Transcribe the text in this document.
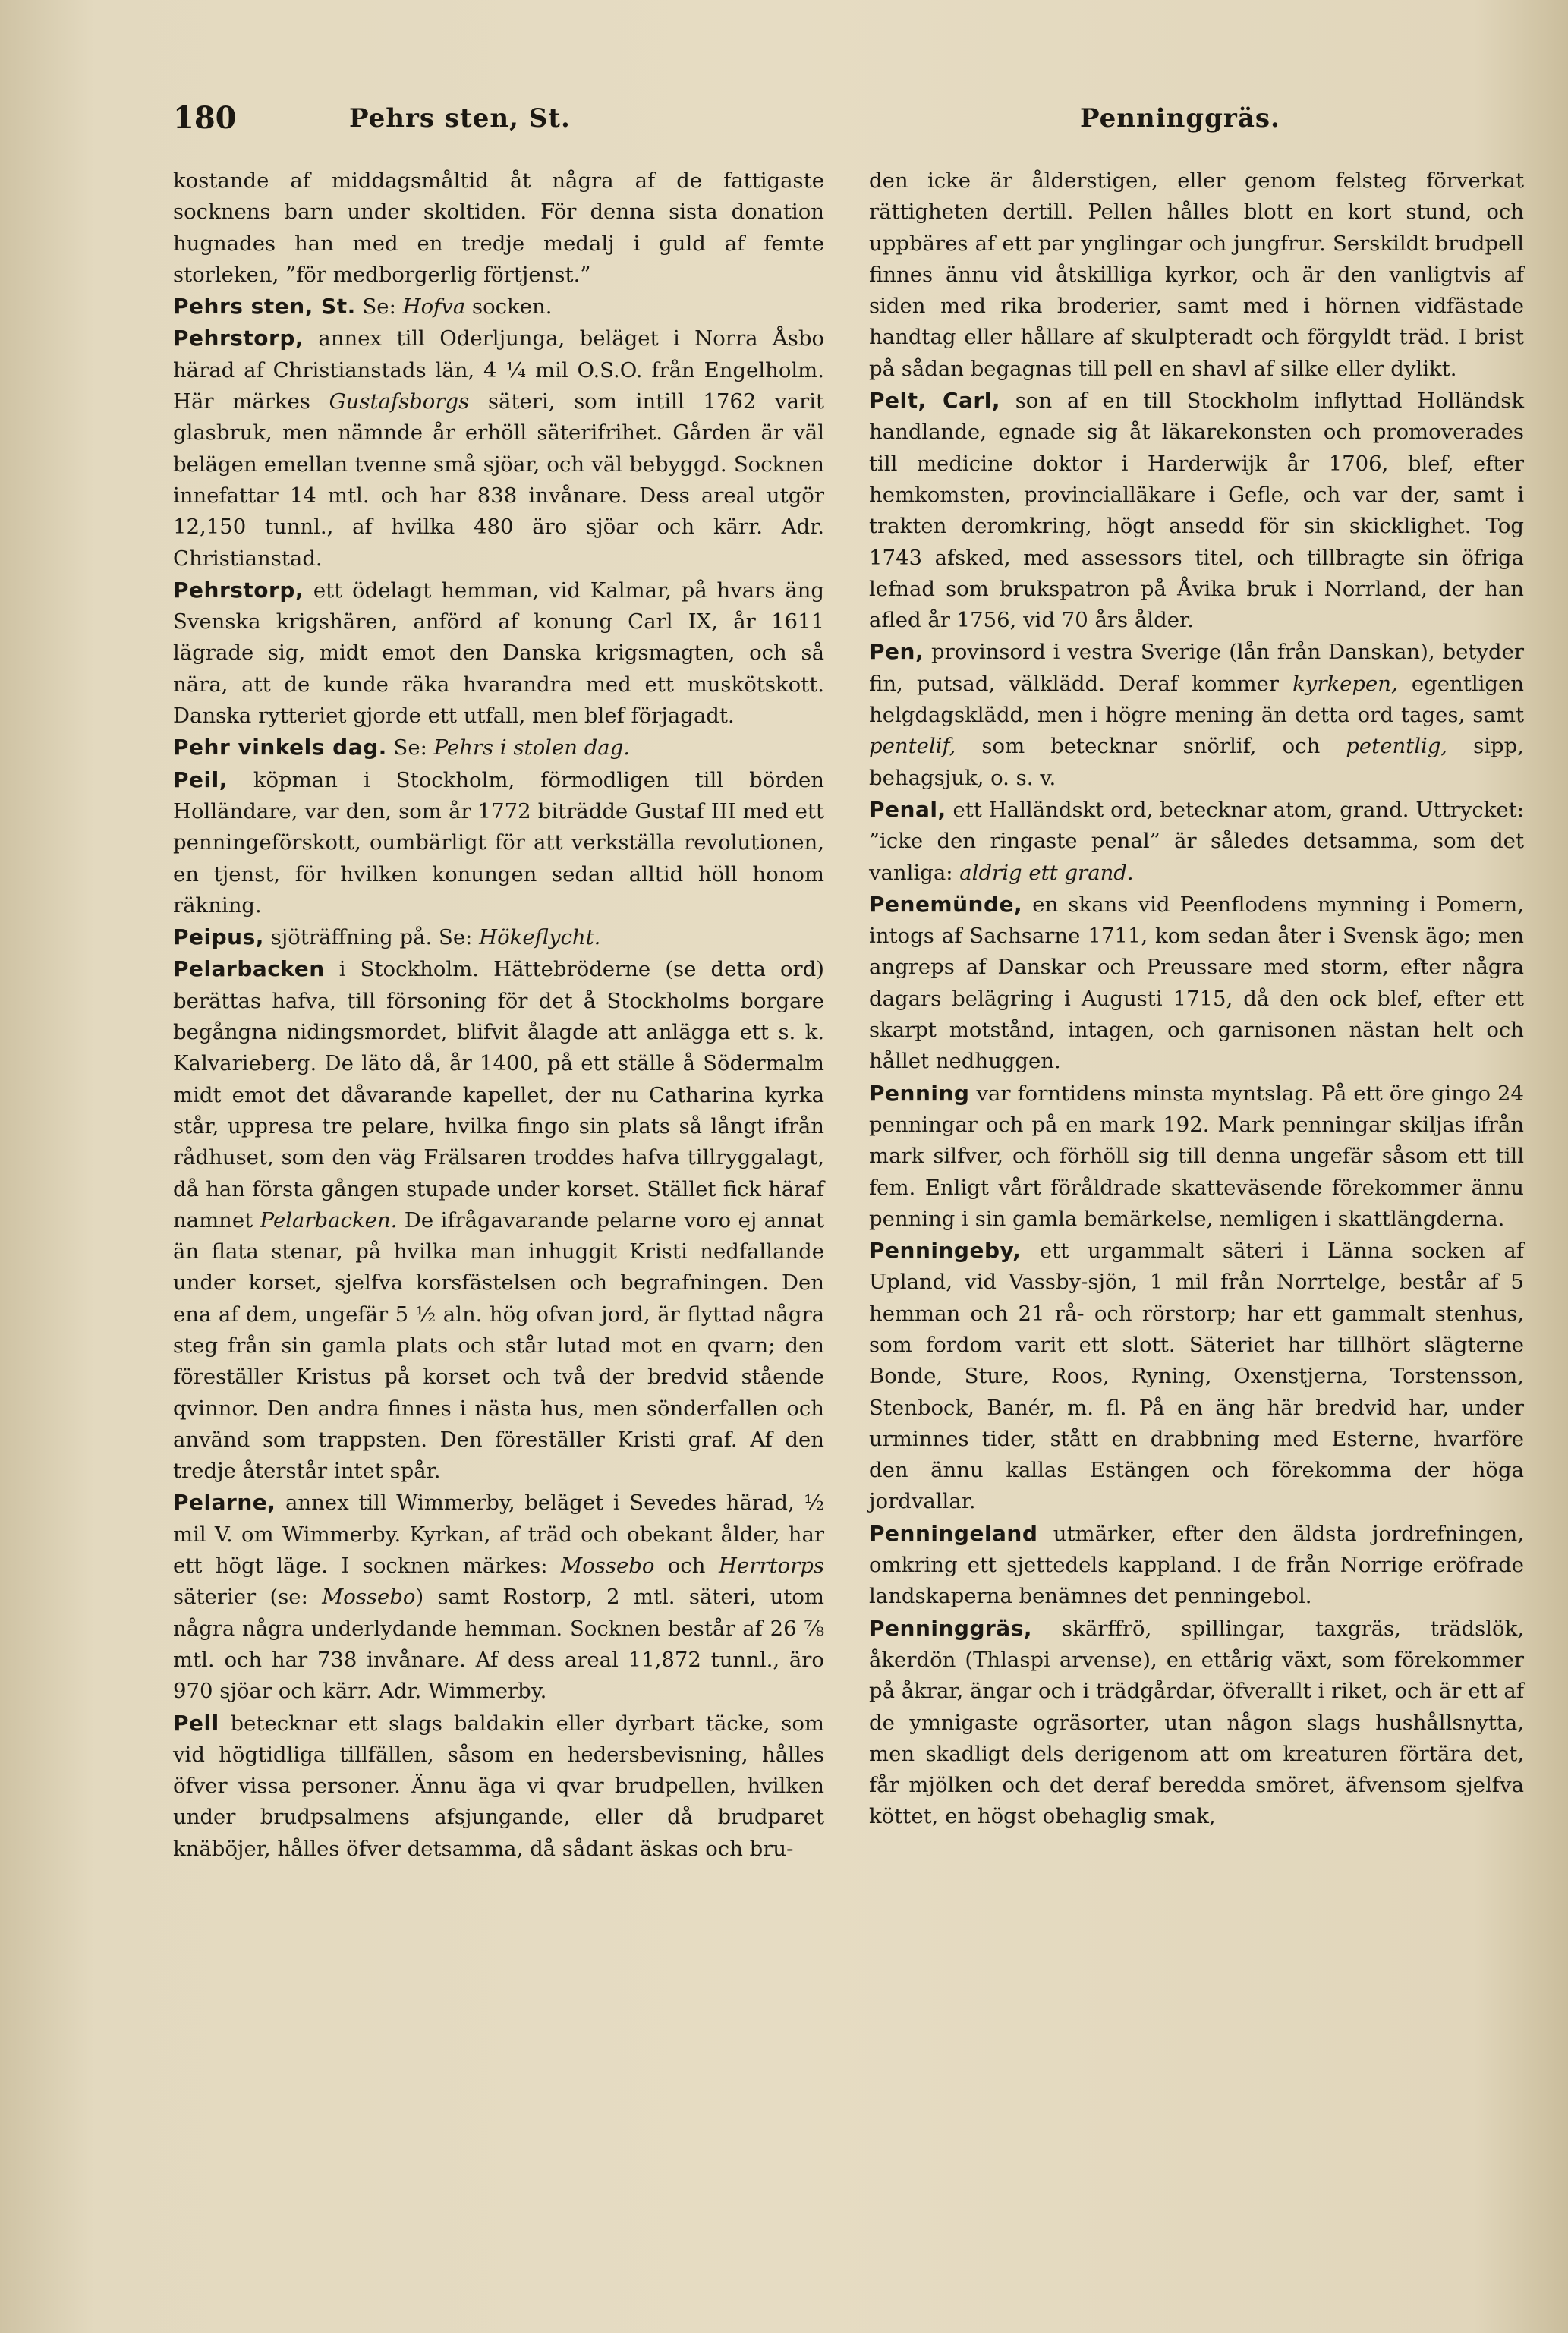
180	Pehrs sten, St.	Penninggräs.

kostande af middagsmåltid åt några af de fattigaste socknens barn under skoltiden. För denna sista donation hugnades han med en tredje medalj i guld af femte storleken, ”för medborgerlig förtjenst.”

Pehrs sten, St. Se: Hofva socken.

Pehrstorp, annex till Oderljunga, beläget i Norra Åsbo härad af Christianstads län, 4 ¼ mil O.S.O. från Engelholm. Här märkes Gustafsborgs säteri, som intill 1762 varit glasbruk, men nämnde år erhöll säterifrihet. Gården är väl belägen emellan tvenne små sjöar, och väl bebyggd. Socknen innefattar 14 mtl. och har 838 invånare. Dess areal utgör 12,150 tunnl., af hvilka 480 äro sjöar och kärr. Adr. Christianstad.

Pehrstorp, ett ödelagt hemman, vid Kalmar, på hvars äng Svenska krigshären, anförd af konung Carl IX, år 1611 lägrade sig, midt emot den Danska krigsmagten, och så nära, att de kunde räka hvarandra med ett muskötskott. Danska rytteriet gjorde ett utfall, men blef förjagadt.

Pehr vinkels dag. Se: Pehrs i stolen dag.

Peil, köpman i Stockholm, förmodligen till börden Holländare, var den, som år 1772 biträdde Gustaf III med ett penningeförskott, oumbärligt för att verkställa revolutionen, en tjenst, för hvilken konungen sedan alltid höll honom räkning.

Peipus, sjöträffning på. Se: Hökeflycht.

Pelarbacken i Stockholm. Hättebröderne (se detta ord) berättas hafva, till försoning för det å Stockholms borgare begångna nidingsmordet, blifvit ålagde att anlägga ett s. k. Kalvarieberg. De läto då, år 1400, på ett ställe å Södermalm midt emot det dåvarande kapellet, der nu Catharina kyrka står, uppresa tre pelare, hvilka fingo sin plats så långt ifrån rådhuset, som den väg Frälsaren troddes hafva tillryggalagt, då han första gången stupade under korset. Stället fick häraf namnet Pelarbacken. De ifrågavarande pelarne voro ej annat än flata stenar, på hvilka man inhuggit Kristi nedfallande under korset, sjelfva korsfästelsen och begrafningen. Den ena af dem, ungefär 5 ½ aln. hög ofvan jord, är flyttad några steg från sin gamla plats och står lutad mot en qvarn; den föreställer Kristus på korset och två der bredvid stående qvinnor. Den andra finnes i nästa hus, men sönderfallen och använd som trappsten. Den föreställer Kristi graf. Af den tredje återstår intet spår.

Pelarne, annex till Wimmerby, beläget i Sevedes härad, ½ mil V. om Wimmerby. Kyrkan, af träd och obekant ålder, har ett högt läge. I socknen märkes: Mossebo och Herrtorps säterier (se: Mossebo) samt Rostorp, 2 mtl. säteri, utom några några underlydande hemman. Socknen består af 26 ⅞ mtl. och har 738 invånare. Af dess areal 11,872 tunnl., äro 970 sjöar och kärr. Adr. Wimmerby.

Pell betecknar ett slags baldakin eller dyrbart täcke, som vid högtidliga tillfällen, såsom en hedersbevisning, hålles öfver vissa personer. Ännu äga vi qvar brudpellen, hvilken under brudpsalmens afsjungande, eller då brudparet knäböjer, hålles öfver detsamma, då sådant äskas och bru-

den icke är ålderstigen, eller genom felsteg förverkat rättigheten dertill. Pellen hålles blott en kort stund, och uppbäres af ett par ynglingar och jungfrur. Serskildt brudpell finnes ännu vid åtskilliga kyrkor, och är den vanligtvis af siden med rika broderier, samt med i hörnen vidfästade handtag eller hållare af skulpteradt och förgyldt träd. I brist på sådan begagnas till pell en shavl af silke eller dylikt.

Pelt, Carl, son af en till Stockholm inflyttad Holländsk handlande, egnade sig åt läkarekonsten och promoverades till medicine doktor i Harderwijk år 1706, blef, efter hemkomsten, provincialläkare i Gefle, och var der, samt i trakten deromkring, högt ansedd för sin skicklighet. Tog 1743 afsked, med assessors titel, och tillbragte sin öfriga lefnad som brukspatron på Åvika bruk i Norrland, der han afled år 1756, vid 70 års ålder.

Pen, provinsord i vestra Sverige (lån från Danskan), betyder fin, putsad, välklädd. Deraf kommer kyrkepen, egentligen helgdagsklädd, men i högre mening än detta ord tages, samt pentelif, som betecknar snörlif, och petentlig, sipp, behagsjuk, o. s. v.

Penal, ett Halländskt ord, betecknar atom, grand. Uttrycket: ”icke den ringaste penal” är således detsamma, som det vanliga: aldrig ett grand.

Penemünde, en skans vid Peenflodens mynning i Pomern, intogs af Sachsarne 1711, kom sedan åter i Svensk ägo; men angreps af Danskar och Preussare med storm, efter några dagars belägring i Augusti 1715, då den ock blef, efter ett skarpt motstånd, intagen, och garnisonen nästan helt och hållet nedhuggen.

Penning var forntidens minsta myntslag. På ett öre gingo 24 penningar och på en mark 192. Mark penningar skiljas ifrån mark silfver, och förhöll sig till denna ungefär såsom ett till fem. Enligt vårt föråldrade skatteväsende förekommer ännu penning i sin gamla bemärkelse, nemligen i skattlängderna.

Penningeby, ett urgammalt säteri i Länna socken af Upland, vid Vassby-sjön, 1 mil från Norrtelge, består af 5 hemman och 21 rå- och rörstorp; har ett gammalt stenhus, som fordom varit ett slott. Säteriet har tillhört slägterne Bonde, Sture, Roos, Ryning, Oxenstjerna, Torstensson, Stenbock, Banér, m. fl. På en äng här bredvid har, under urminnes tider, stått en drabbning med Esterne, hvarföre den ännu kallas Estängen och förekomma der höga jordvallar.

Penningeland utmärker, efter den äldsta jordrefningen, omkring ett sjettedels kappland. I de från Norrige eröfrade landskaperna benämnes det penningebol.

Penninggräs, skärffrö, spillingar, taxgräs, trädslök, åkerdön (Thlaspi arvense), en ettårig växt, som förekommer på åkrar, ängar och i trädgårdar, öfverallt i riket, och är ett af de ymnigaste ogräsorter, utan någon slags hushållsnytta, men skadligt dels derigenom att om kreaturen förtära det, får mjölken och det deraf beredda smöret, äfvensom sjelfva köttet, en högst obehaglig smak,
